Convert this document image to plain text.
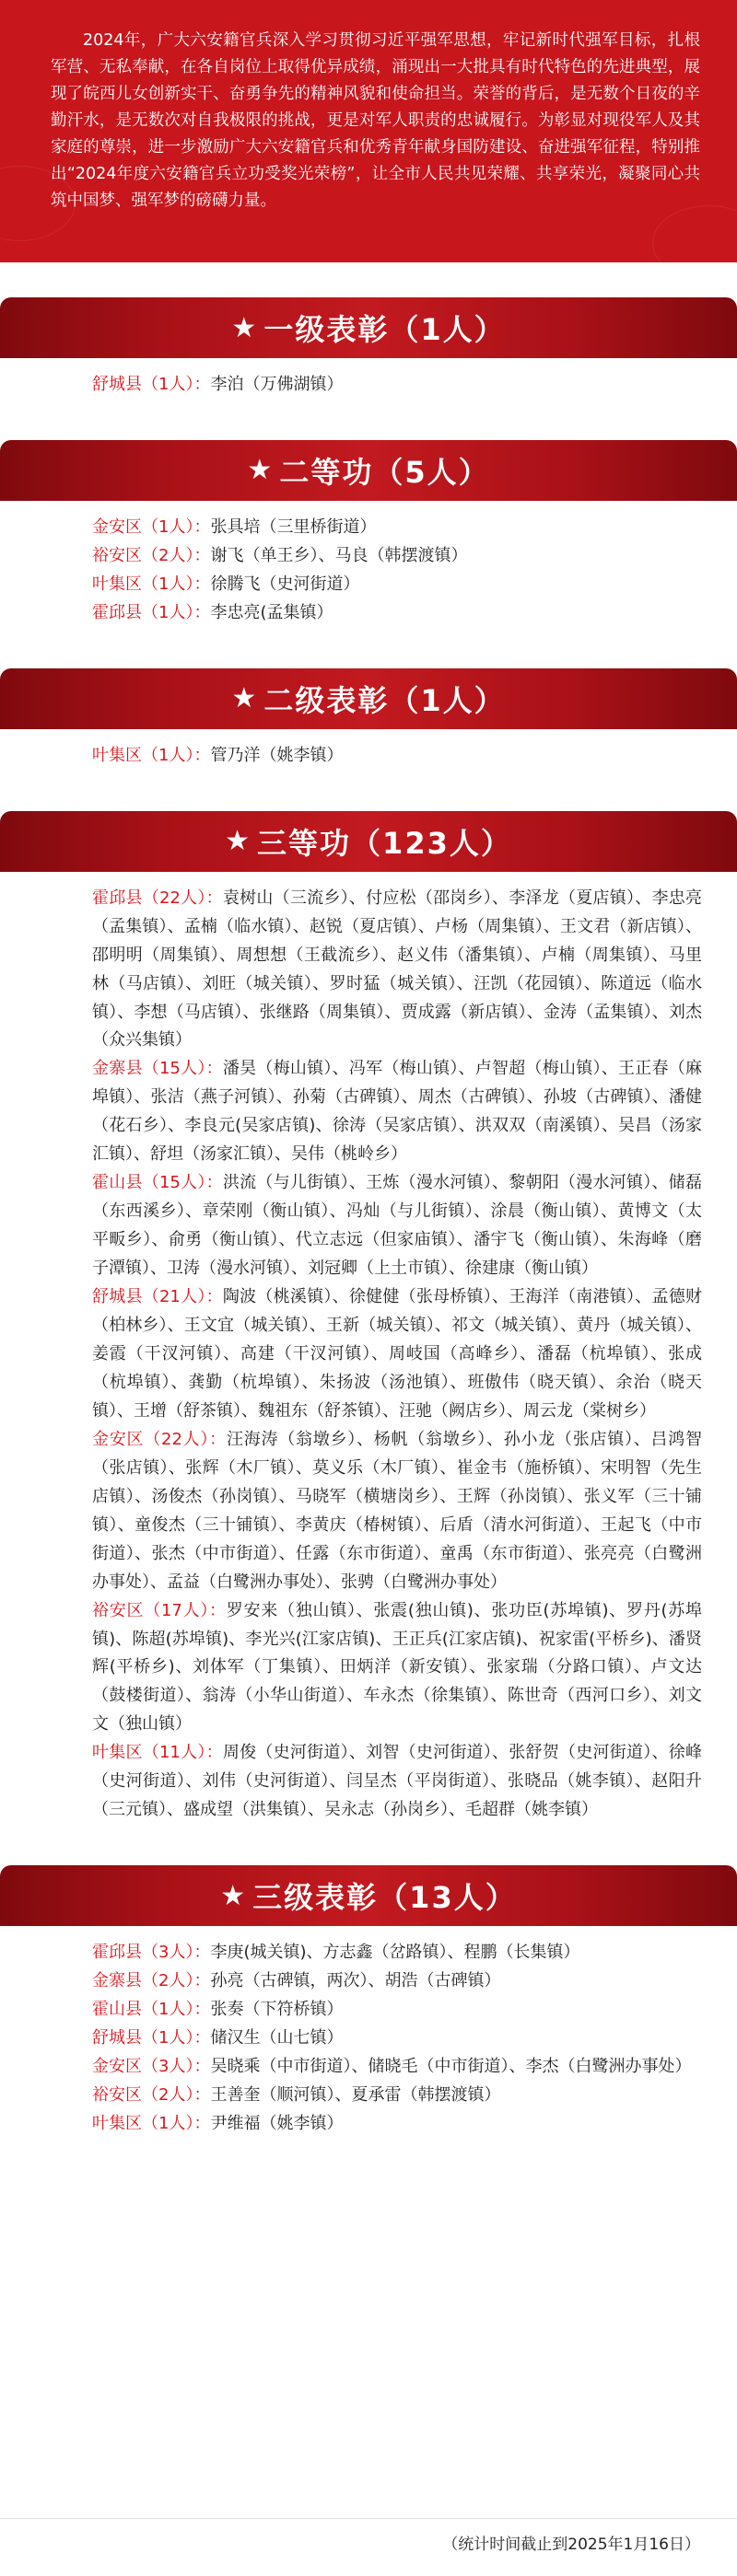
2024年，广大六安籍官兵深入学习贯彻习近平强军思想，牢记新时代强军目标，扎根军营、无私奉献，在各自岗位上取得优异成绩，涌现出一大批具有时代特色的先进典型，展现了皖西儿女创新实干、奋勇争先的精神风貌和使命担当。荣誉的背后，是无数个日夜的辛勤汗水，是无数次对自我极限的挑战，更是对军人职责的忠诚履行。为彰显对现役军人及其家庭的尊崇，进一步激励广大六安籍官兵和优秀青年献身国防建设、奋进强军征程，特别推出“2024年度六安籍官兵立功受奖光荣榜”，让全市人民共见荣耀、共享荣光，凝聚同心共筑中国梦、强军梦的磅礴力量。

★ 一级表彰（1人）

舒城县（1人）：李泊（万佛湖镇）

★ 二等功（5人）

金安区（1人）：张具培（三里桥街道）

裕安区（2人）：谢飞（单王乡）、马良（韩摆渡镇）

叶集区（1人）：徐腾飞（史河街道）

霍邱县（1人）：李忠亮(孟集镇）

★ 二级表彰（1人）

叶集区（1人）：管乃洋（姚李镇）

★ 三等功（123人）

霍邱县（22人）：袁树山（三流乡）、付应松（邵岗乡）、李泽龙（夏店镇）、李忠亮（孟集镇）、孟楠（临水镇）、赵锐（夏店镇）、卢杨（周集镇）、王文君（新店镇）、邵明明（周集镇）、周想想（王截流乡）、赵义伟（潘集镇）、卢楠（周集镇）、马里林（马店镇）、刘旺（城关镇）、罗时猛（城关镇）、汪凯（花园镇）、陈道远（临水镇）、李想（马店镇）、张继路（周集镇）、贾成露（新店镇）、金涛（孟集镇）、刘杰（众兴集镇）

金寨县（15人）：潘昊（梅山镇）、冯军（梅山镇）、卢智超（梅山镇）、王正春（麻埠镇）、张洁（燕子河镇）、孙菊（古碑镇）、周杰（古碑镇）、孙坡（古碑镇）、潘健（花石乡）、李良元(吴家店镇)、徐涛（吴家店镇）、洪双双（南溪镇）、吴昌（汤家汇镇）、舒坦（汤家汇镇）、吴伟（桃岭乡）

霍山县（15人）：洪流（与儿街镇）、王炼（漫水河镇）、黎朝阳（漫水河镇）、储磊（东西溪乡）、章荣刚（衡山镇）、冯灿（与儿街镇）、涂晨（衡山镇）、黄博文（太平畈乡）、俞勇（衡山镇）、代立志远（但家庙镇）、潘宇飞（衡山镇）、朱海峰（磨子潭镇）、卫涛（漫水河镇）、刘冠卿（上土市镇）、徐建康（衡山镇）

舒城县（21人）：陶波（桃溪镇）、徐健健（张母桥镇）、王海洋（南港镇）、孟德财（柏林乡）、王文宜（城关镇）、王新（城关镇）、祁文（城关镇）、黄丹（城关镇）、姜霞（干汊河镇）、高建（干汊河镇）、周岐国（高峰乡）、潘磊（杭埠镇）、张成（杭埠镇）、龚勤（杭埠镇）、朱扬波（汤池镇）、班傲伟（晓天镇）、余治（晓天镇）、王增（舒茶镇）、魏祖东（舒茶镇）、汪驰（阙店乡）、周云龙（棠树乡）

金安区（22人）：汪海涛（翁墩乡）、杨帆（翁墩乡）、孙小龙（张店镇）、吕鸿智（张店镇）、张辉（木厂镇）、莫义乐（木厂镇）、崔金韦（施桥镇）、宋明智（先生店镇）、汤俊杰（孙岗镇）、马晓军（横塘岗乡）、王辉（孙岗镇）、张义军（三十铺镇）、童俊杰（三十铺镇）、李黄庆（椿树镇）、后盾（清水河街道）、王起飞（中市街道）、张杰（中市街道）、任露（东市街道）、童禹（东市街道）、张亮亮（白鹭洲办事处）、孟益（白鹭洲办事处）、张骋（白鹭洲办事处）

裕安区（17人）：罗安来（独山镇）、张震(独山镇)、张功臣(苏埠镇)、罗丹(苏埠镇)、陈超(苏埠镇)、李光兴(江家店镇)、王正兵(江家店镇)、祝家雷(平桥乡)、潘贤辉(平桥乡)、刘体军（丁集镇）、田炳洋（新安镇）、张家瑞（分路口镇）、卢文达（鼓楼街道）、翁涛（小华山街道）、车永杰（徐集镇）、陈世奇（西河口乡）、刘文文（独山镇）

叶集区（11人）：周俊（史河街道）、刘智（史河街道）、张舒贺（史河街道）、徐峰（史河街道）、刘伟（史河街道）、闫呈杰（平岗街道）、张晓品（姚李镇）、赵阳升（三元镇）、盛成望（洪集镇）、吴永志（孙岗乡）、毛超群（姚李镇）

★ 三级表彰（13人）

霍邱县（3人）：李庚(城关镇)、方志鑫（岔路镇）、程鹏（长集镇）

金寨县（2人）：孙亮（古碑镇，两次）、胡浩（古碑镇）

霍山县（1人）：张奏（下符桥镇）

舒城县（1人）：储汉生（山七镇）

金安区（3人）：吴晓乘（中市街道）、储晓毛（中市街道）、李杰（白鹭洲办事处）

裕安区（2人）：王善奎（顺河镇）、夏承雷（韩摆渡镇）

叶集区（1人）：尹维福（姚李镇）

（统计时间截止到2025年1月16日）
